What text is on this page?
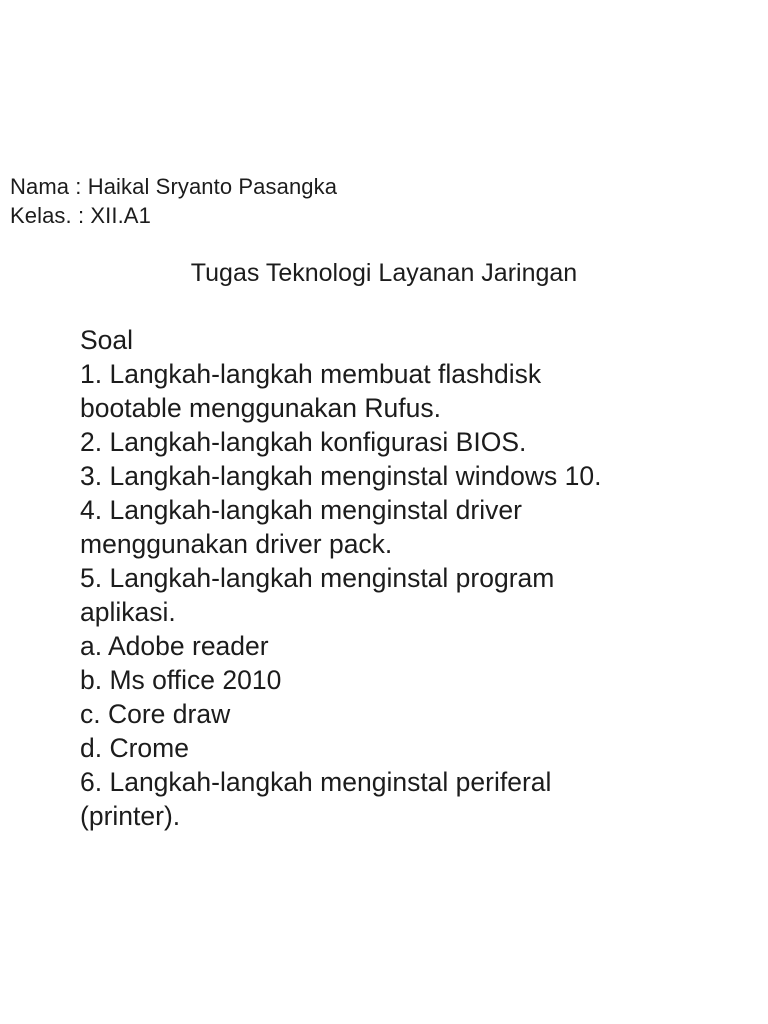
Nama : Haikal Sryanto Pasangka
Kelas. : XII.A1
Tugas Teknologi Layanan Jaringan
Soal
1. Langkah-langkah membuat flashdisk
bootable menggunakan Rufus.
2. Langkah-langkah konfigurasi BIOS.
3. Langkah-langkah menginstal windows 10.
4. Langkah-langkah menginstal driver
menggunakan driver pack.
5. Langkah-langkah menginstal program
aplikasi.
a. Adobe reader
b. Ms office 2010
c. Core draw
d. Crome
6. Langkah-langkah menginstal periferal
(printer).
